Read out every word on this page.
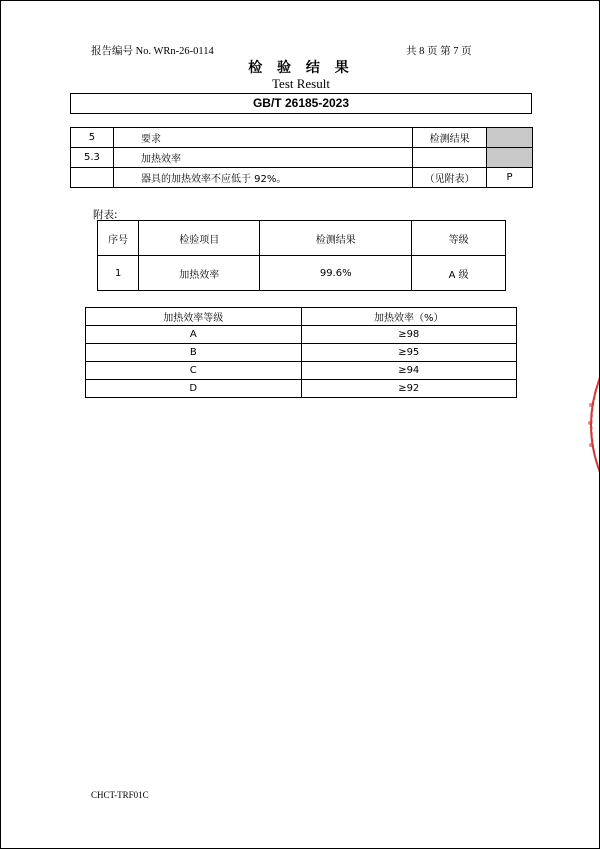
报告编号 No. WRn-26-0114	共 8 页 第 7 页
检 验 结 果
Test Result
GB/T 26185-2023
5	要求	检测结果	
5.3	加热效率		
	器具的加热效率不应低于 92%。	（见附表）	P
附表:
序号	检验项目	检测结果	等级
1	加热效率	99.6%	A 级
加热效率等级	加热效率（%）
A	≥98
B	≥95
C	≥94
D	≥92
CHCT-TRF01C
